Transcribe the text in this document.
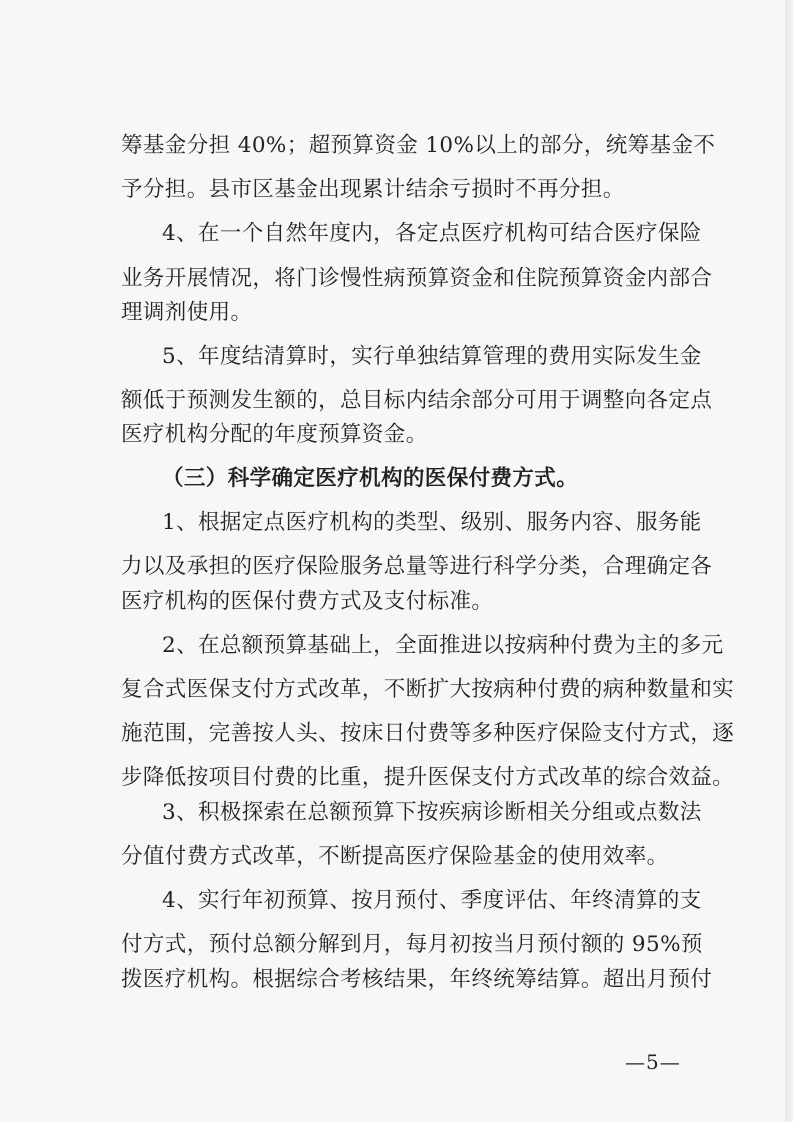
筹基金分担 40%；超预算资金 10%以上的部分，统筹基金不
予分担。县市区基金出现累计结余亏损时不再分担。
4、在一个自然年度内，各定点医疗机构可结合医疗保险
业务开展情况，将门诊慢性病预算资金和住院预算资金内部合
理调剂使用。
5、年度结清算时，实行单独结算管理的费用实际发生金
额低于预测发生额的，总目标内结余部分可用于调整向各定点
医疗机构分配的年度预算资金。
（三）科学确定医疗机构的医保付费方式。
1、根据定点医疗机构的类型、级别、服务内容、服务能
力以及承担的医疗保险服务总量等进行科学分类，合理确定各
医疗机构的医保付费方式及支付标准。
2、在总额预算基础上，全面推进以按病种付费为主的多元
复合式医保支付方式改革，不断扩大按病种付费的病种数量和实
施范围，完善按人头、按床日付费等多种医疗保险支付方式，逐
步降低按项目付费的比重，提升医保支付方式改革的综合效益。
3、积极探索在总额预算下按疾病诊断相关分组或点数法
分值付费方式改革，不断提高医疗保险基金的使用效率。
4、实行年初预算、按月预付、季度评估、年终清算的支
付方式，预付总额分解到月，每月初按当月预付额的 95%预
拨医疗机构。根据综合考核结果，年终统筹结算。超出月预付
—5—
